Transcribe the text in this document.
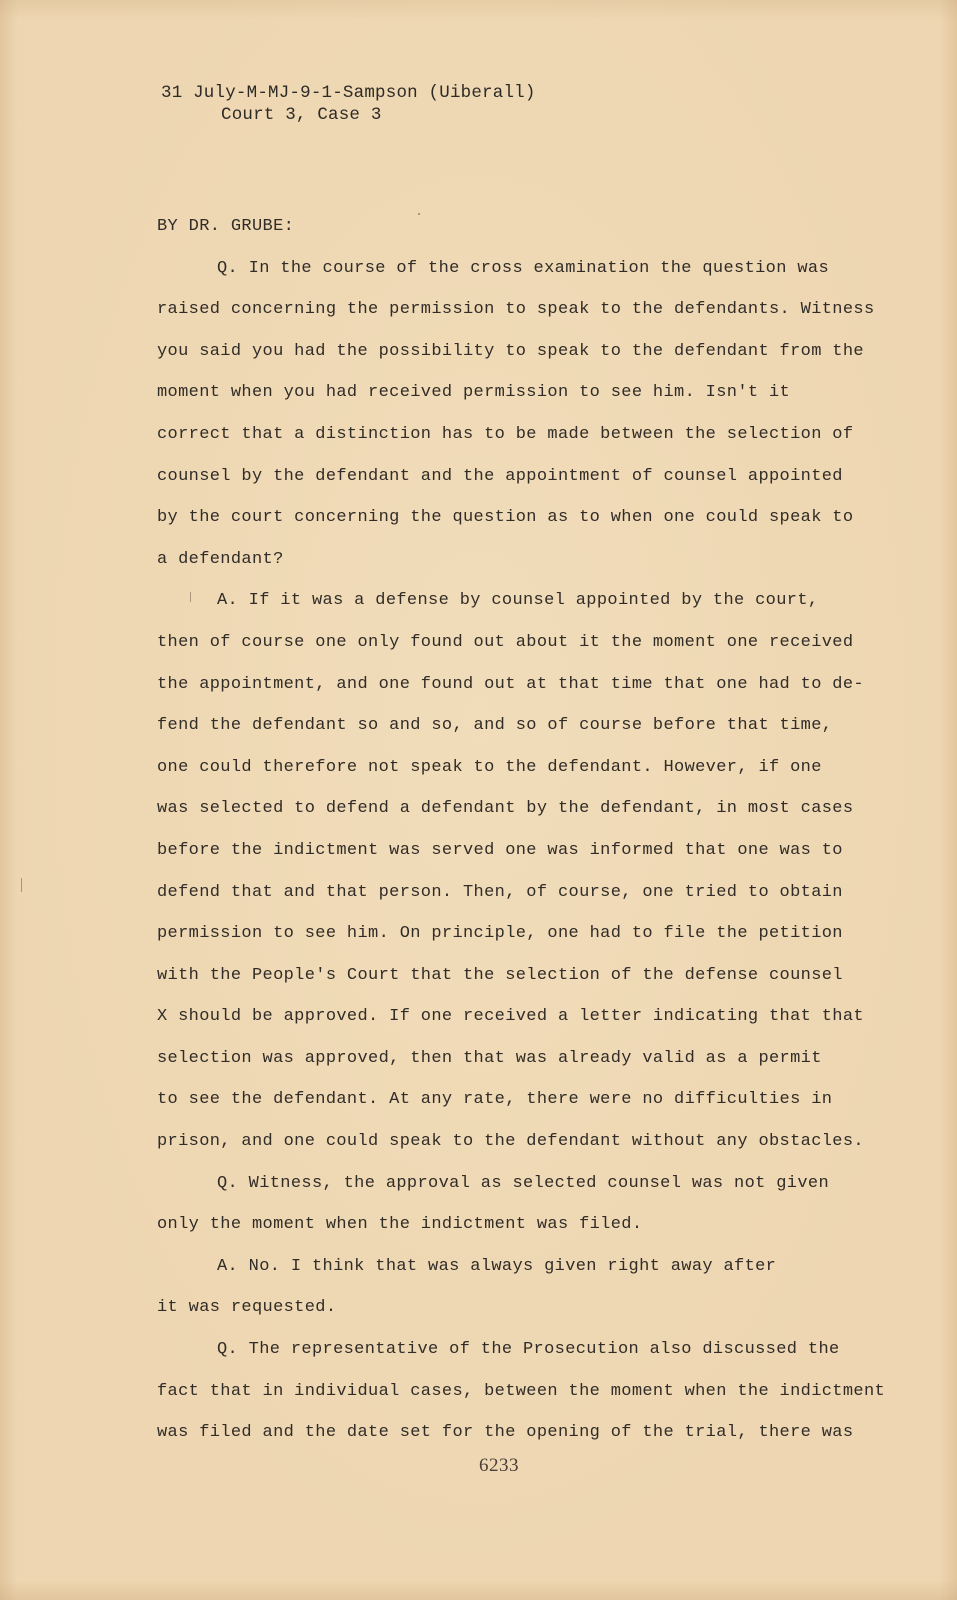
31 July-M-MJ-9-1-Sampson (Uiberall)
Court 3, Case 3
BY DR. GRUBE:
Q. In the course of the cross examination the question was
raised concerning the permission to speak to the defendants. Witness
you said you had the possibility to speak to the defendant from the
moment when you had received permission to see him. Isn't it
correct that a distinction has to be made between the selection of
counsel by the defendant and the appointment of counsel appointed
by the court concerning the question as to when one could speak to
a defendant?
A. If it was a defense by counsel appointed by the court,
then of course one only found out about it the moment one received
the appointment, and one found out at that time that one had to de-
fend the defendant so and so, and so of course before that time,
one could therefore not speak to the defendant. However, if one
was selected to defend a defendant by the defendant, in most cases
before the indictment was served one was informed that one was to
defend that and that person. Then, of course, one tried to obtain
permission to see him. On principle, one had to file the petition
with the People's Court that the selection of the defense counsel
X should be approved. If one received a letter indicating that that
selection was approved, then that was already valid as a permit
to see the defendant. At any rate, there were no difficulties in
prison, and one could speak to the defendant without any obstacles.
Q. Witness, the approval as selected counsel was not given
only the moment when the indictment was filed.
A. No. I think that was always given right away after
it was requested.
Q. The representative of the Prosecution also discussed the
fact that in individual cases, between the moment when the indictment
was filed and the date set for the opening of the trial, there was
6233
